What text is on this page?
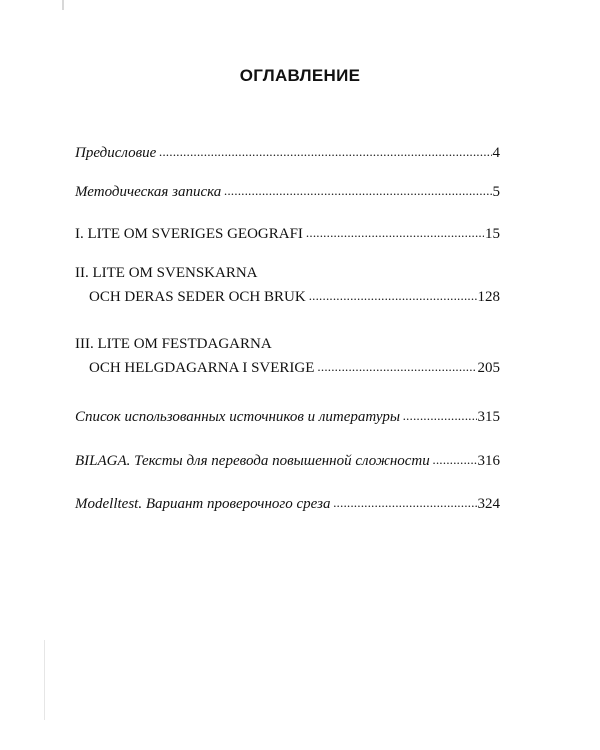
ОГЛАВЛЕНИЕ
Предисловие .....	4
Методическая записка .....	5
I. LITE OM SVERIGES GEOGRAFI .....	15
II. LITE OM SVENSKARNA
OCH DERAS SEDER OCH BRUK .....	128
III. LITE OM FESTDAGARNA
OCH HELGDAGARNA I SVERIGE .....	205
Список использованных источников и литературы .....	315
BILAGA. Тексты для перевода повышенной сложности .....	316
Modelltest. Вариант проверочного среза .....	324
